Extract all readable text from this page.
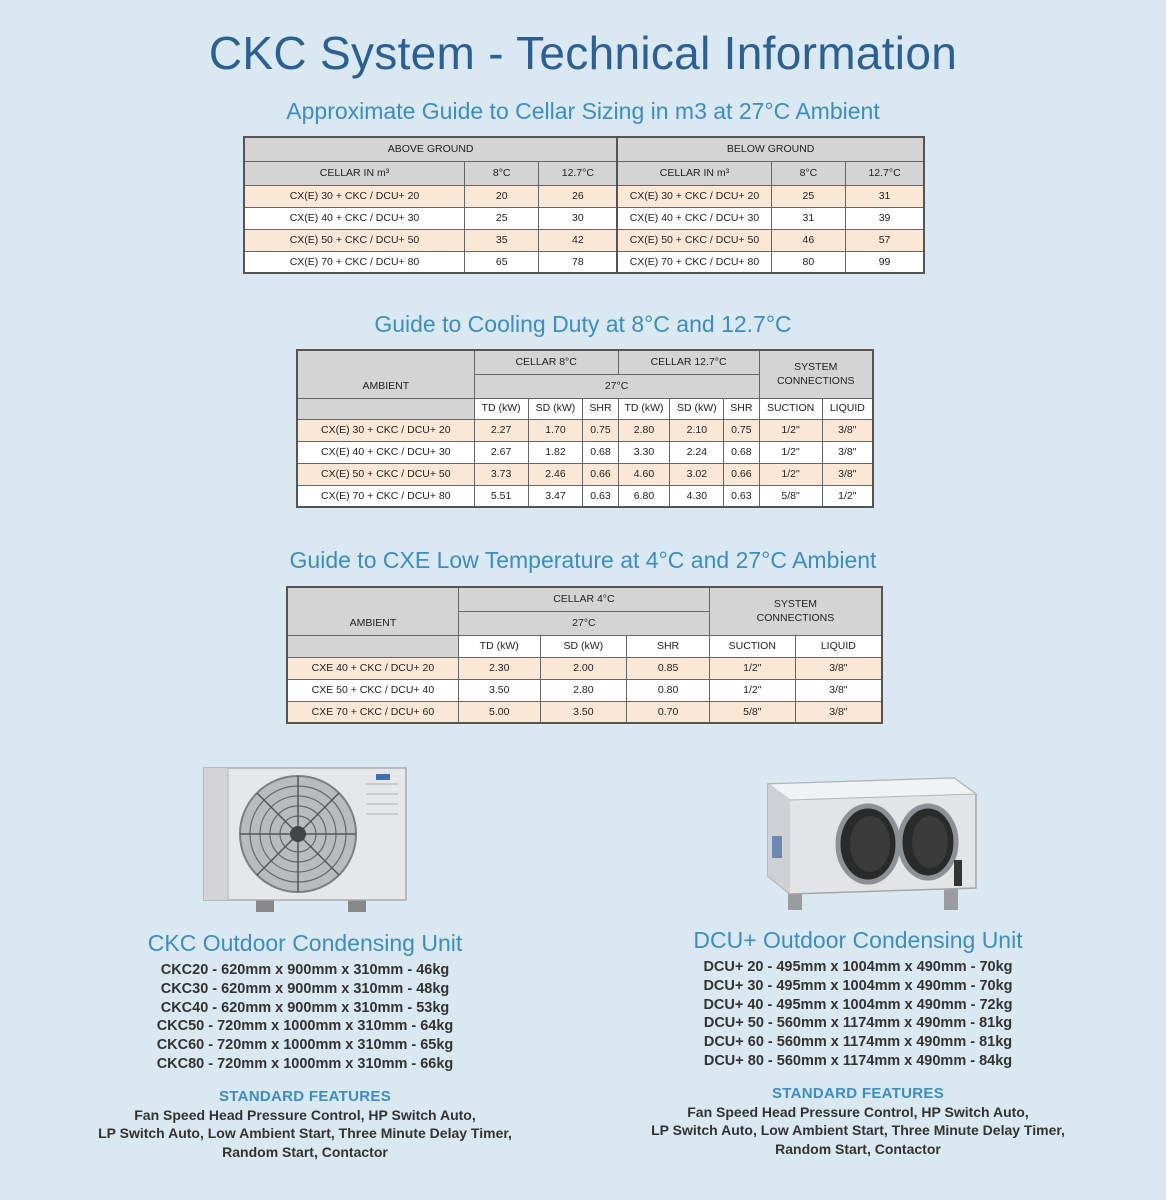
CKC System - Technical Information
Approximate Guide to Cellar Sizing in m3 at 27°C Ambient
ABOVE GROUND			BELOW GROUND		
CELLAR IN m³	8°C	12.7°C	CELLAR IN m³	8°C	12.7°C
CX(E) 30 + CKC / DCU+ 20	20	26	CX(E) 30 + CKC / DCU+ 20	25	31
CX(E) 40 + CKC / DCU+ 30	25	30	CX(E) 40 + CKC / DCU+ 30	31	39
CX(E) 50 + CKC / DCU+ 50	35	42	CX(E) 50 + CKC / DCU+ 50	46	57
CX(E) 70 + CKC / DCU+ 80	65	78	CX(E) 70 + CKC / DCU+ 80	80	99
Guide to Cooling Duty at 8°C and 12.7°C
AMBIENT	CELLAR 8°C			CELLAR 12.7°C			SYSTEM
CONNECTIONS	
	27°C							
	TD (kW)	SD (kW)	SHR	TD (kW)	SD (kW)	SHR	SUCTION	LIQUID
CX(E) 30 + CKC / DCU+ 20	2.27	1.70	0.75	2.80	2.10	0.75	1/2"	3/8"
CX(E) 40 + CKC / DCU+ 30	2.67	1.82	0.68	3.30	2.24	0.68	1/2"	3/8"
CX(E) 50 + CKC / DCU+ 50	3.73	2.46	0.66	4.60	3.02	0.66	1/2"	3/8"
CX(E) 70 + CKC / DCU+ 80	5.51	3.47	0.63	6.80	4.30	0.63	5/8"	1/2"
Guide to CXE Low Temperature at 4°C and 27°C Ambient
AMBIENT	CELLAR 4°C			SYSTEM
CONNECTIONS	
	27°C				
	TD (kW)	SD (kW)	SHR	SUCTION	LIQUID
CXE 40 + CKC / DCU+ 20	2.30	2.00	0.85	1/2"	3/8"
CXE 50 + CKC / DCU+ 40	3.50	2.80	0.80	1/2"	3/8"
CXE 70 + CKC / DCU+ 60	5.00	3.50	0.70	5/8"	3/8"
CKC Outdoor Condensing Unit
CKC20 - 620mm x 900mm x 310mm - 46kg
CKC30 - 620mm x 900mm x 310mm - 48kg
CKC40 - 620mm x 900mm x 310mm - 53kg
CKC50 - 720mm x 1000mm x 310mm - 64kg
CKC60 - 720mm x 1000mm x 310mm - 65kg
CKC80 - 720mm x 1000mm x 310mm - 66kg
STANDARD FEATURES
Fan Speed Head Pressure Control, HP Switch Auto,
LP Switch Auto, Low Ambient Start, Three Minute Delay Timer,
Random Start, Contactor
DCU+ Outdoor Condensing Unit
DCU+ 20 - 495mm x 1004mm x 490mm - 70kg
DCU+ 30 - 495mm x 1004mm x 490mm - 70kg
DCU+ 40 - 495mm x 1004mm x 490mm - 72kg
DCU+ 50 - 560mm x 1174mm x 490mm - 81kg
DCU+ 60 - 560mm x 1174mm x 490mm - 81kg
DCU+ 80 - 560mm x 1174mm x 490mm - 84kg
STANDARD FEATURES
Fan Speed Head Pressure Control, HP Switch Auto,
LP Switch Auto, Low Ambient Start, Three Minute Delay Timer,
Random Start, Contactor
